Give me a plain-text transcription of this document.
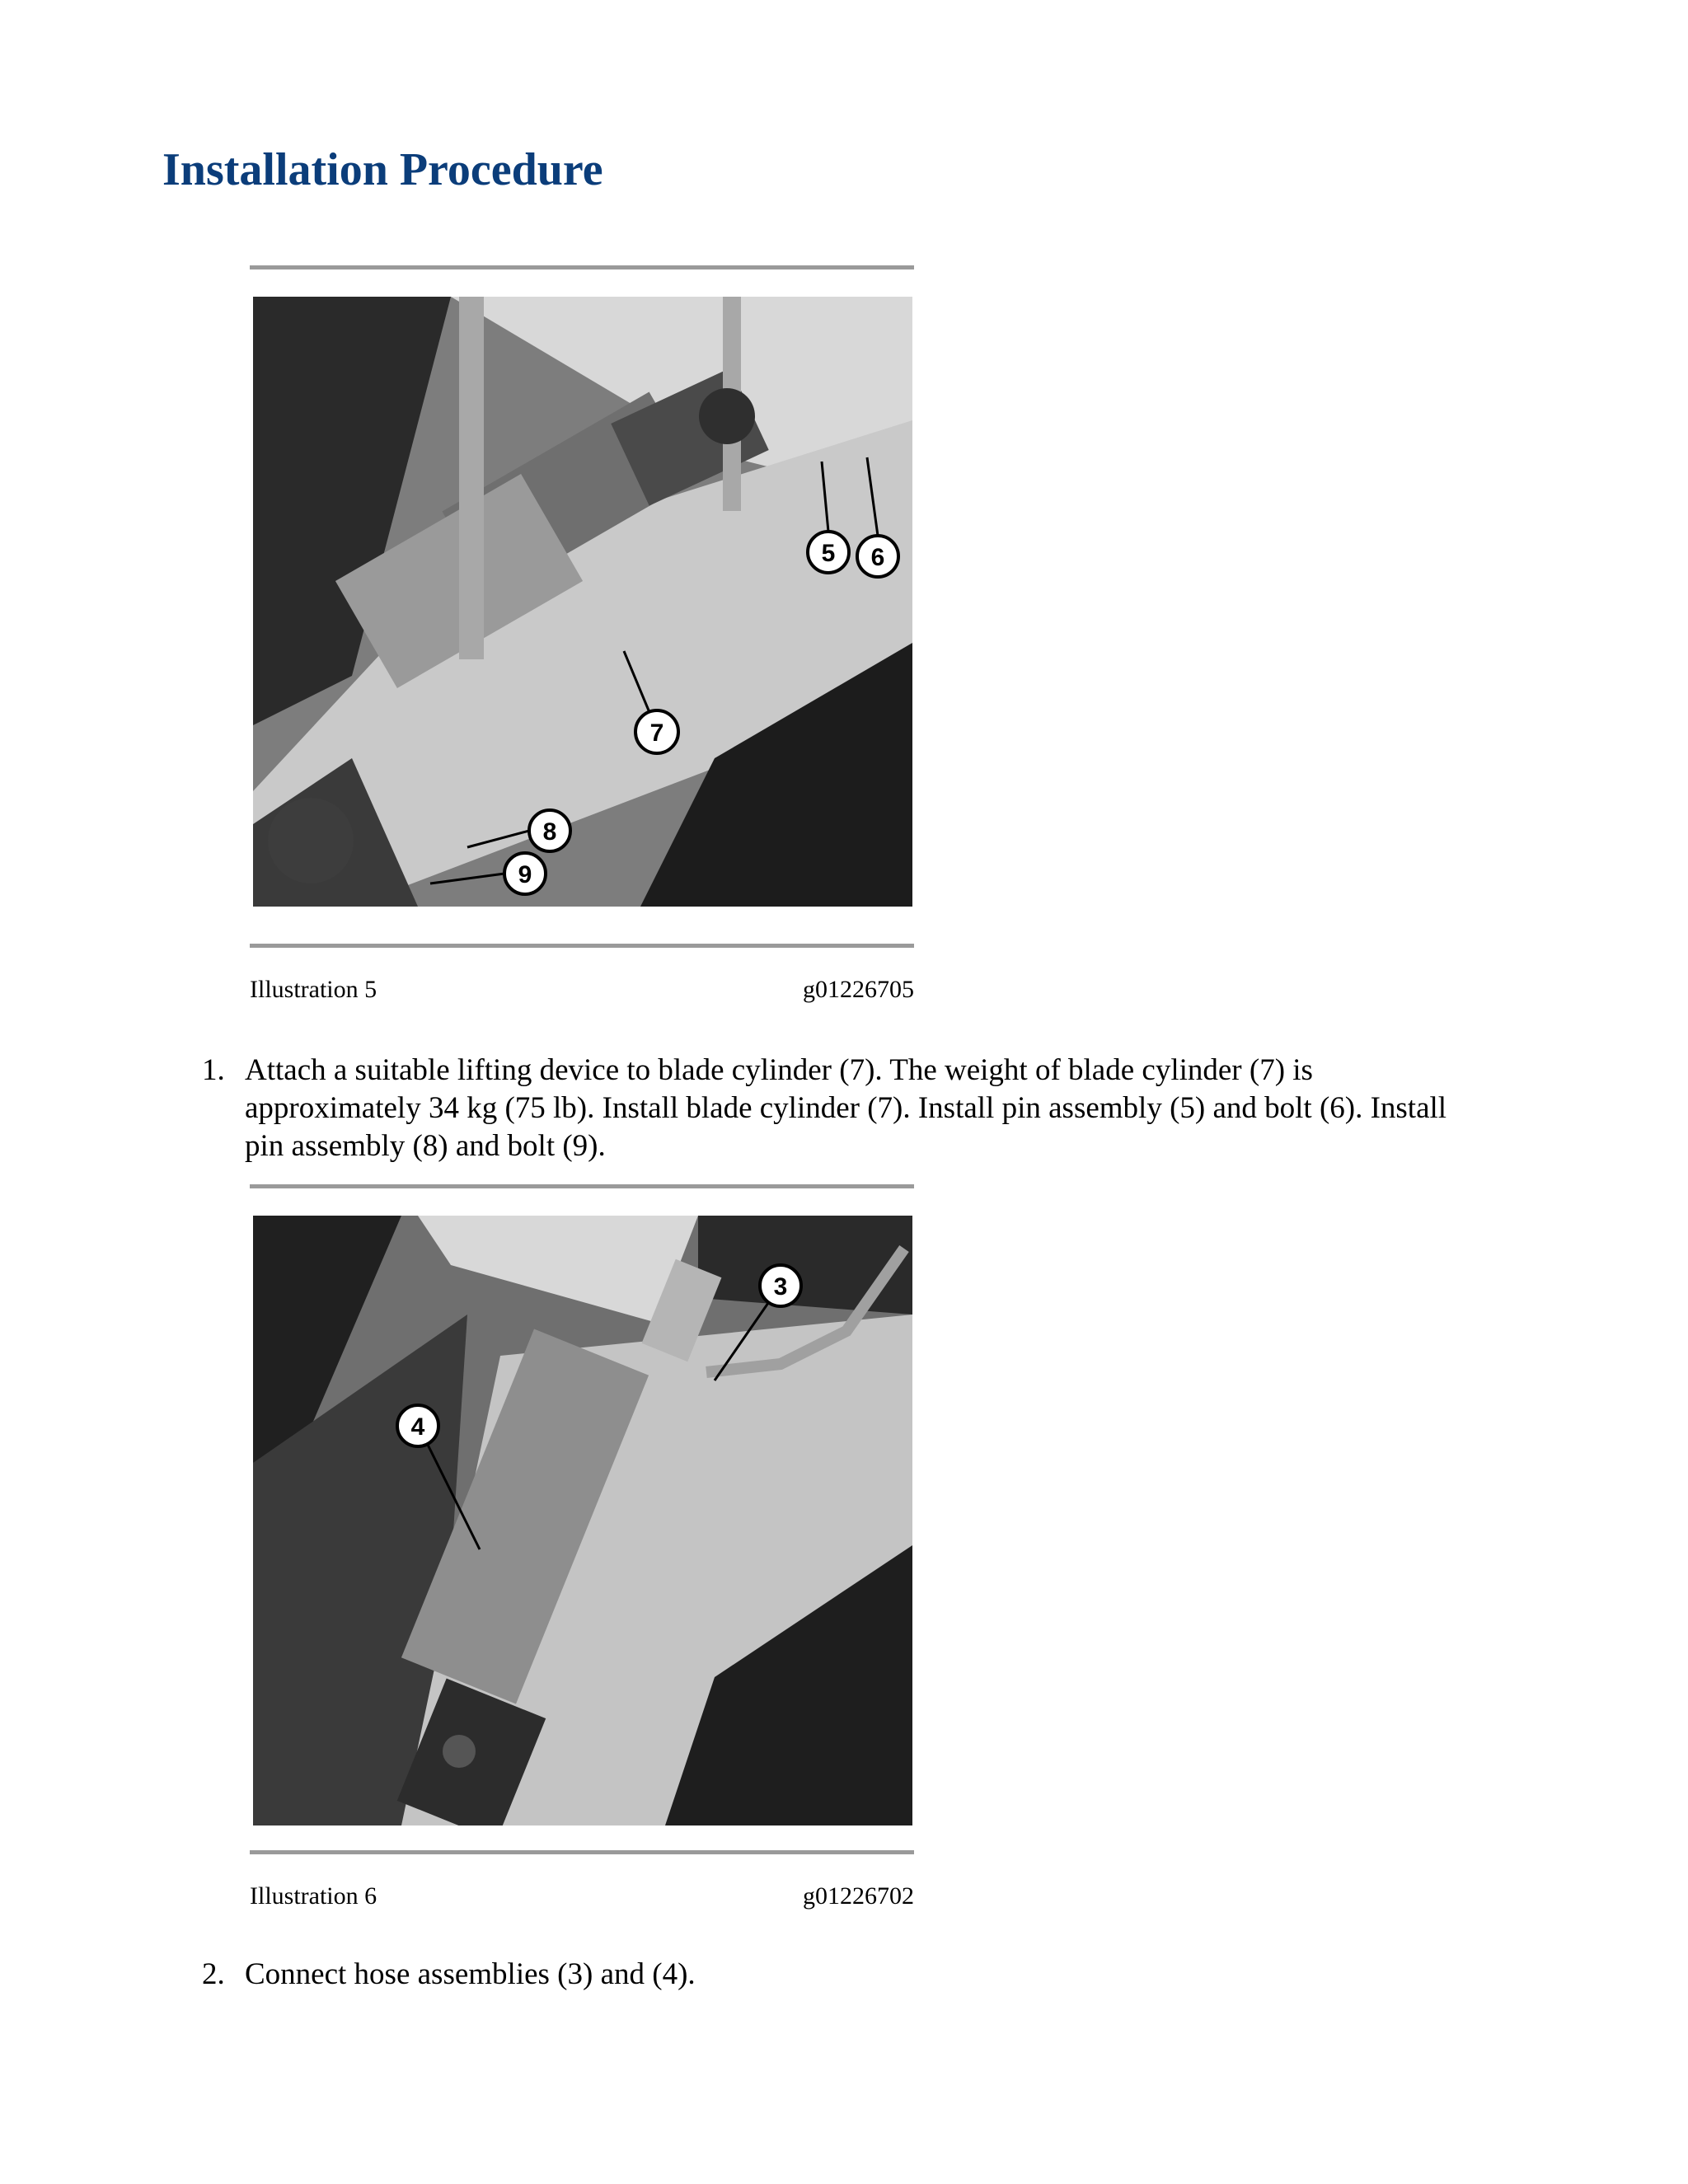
Installation Procedure
5 6
7
8
9
Illustration 5	g01226705
1. Attach a suitable lifting device to blade cylinder (7). The weight of blade cylinder (7) is approximately 34 kg (75 lb). Install blade cylinder (7). Install pin assembly (5) and bolt (6). Install pin assembly (8) and bolt (9).
3
4
Illustration 6	g01226702
2. Connect hose assemblies (3) and (4).
